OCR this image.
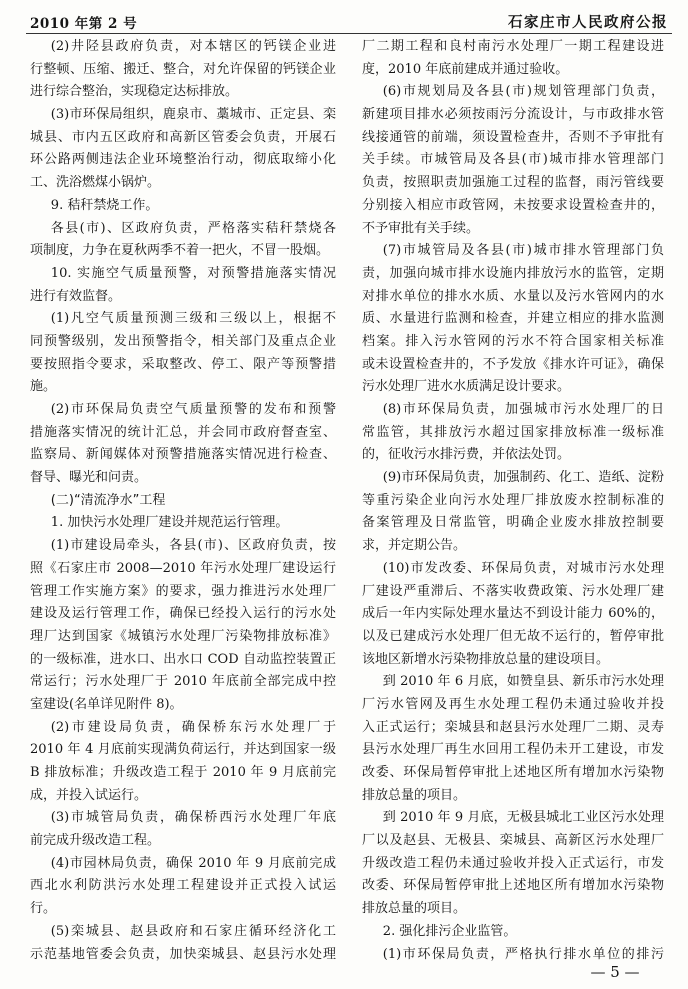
2010 年第 2 号	石家庄市人民政府公报
(2)井陉县政府负责，对本辖区的钙镁企业进
行整顿、压缩、搬迁、整合，对允许保留的钙镁企业
进行综合整治，实现稳定达标排放。
(3)市环保局组织，鹿泉市、藁城市、正定县、栾
城县、市内五区政府和高新区管委会负责，开展石
环公路两侧违法企业环境整治行动，彻底取缔小化
工、洗浴燃煤小锅炉。
9. 秸秆禁烧工作。
各县(市)、区政府负责，严格落实秸秆禁烧各
项制度，力争在夏秋两季不着一把火，不冒一股烟。
10. 实施空气质量预警，对预警措施落实情况
进行有效监督。
(1)凡空气质量预测三级和三级以上，根据不
同预警级别，发出预警指令，相关部门及重点企业
要按照指令要求，采取整改、停工、限产等预警措
施。
(2)市环保局负责空气质量预警的发布和预警
措施落实情况的统计汇总，并会同市政府督查室、
监察局、新闻媒体对预警措施落实情况进行检查、
督导、曝光和问责。
(二)“清流净水”工程
1. 加快污水处理厂建设并规范运行管理。
(1)市建设局牵头，各县(市)、区政府负责，按
照《石家庄市 2008—2010 年污水处理厂建设运行
管理工作实施方案》的要求，强力推进污水处理厂
建设及运行管理工作，确保已经投入运行的污水处
理厂达到国家《城镇污水处理厂污染物排放标准》
的一级标准，进水口、出水口 COD 自动监控装置正
常运行；污水处理厂于 2010 年底前全部完成中控
室建设(名单详见附件 8)。
(2)市建设局负责，确保桥东污水处理厂于
2010 年 4 月底前实现满负荷运行，并达到国家一级
B 排放标准；升级改造工程于 2010 年 9 月底前完
成，并投入试运行。
(3)市城管局负责，确保桥西污水处理厂年底
前完成升级改造工程。
(4)市园林局负责，确保 2010 年 9 月底前完成
西北水利防洪污水处理工程建设并正式投入试运
行。
(5)栾城县、赵县政府和石家庄循环经济化工
示范基地管委会负责，加快栾城县、赵县污水处理
厂二期工程和良村南污水处理厂一期工程建设进
度，2010 年底前建成并通过验收。
(6)市规划局及各县(市)规划管理部门负责，
新建项目排水必须按雨污分流设计，与市政排水管
线接通管的前端，须设置检查井，否则不予审批有
关手续。市城管局及各县(市)城市排水管理部门
负责，按照职责加强施工过程的监督，雨污管线要
分别接入相应市政管网，未按要求设置检查井的，
不予审批有关手续。
(7)市城管局及各县(市)城市排水管理部门负
责，加强向城市排水设施内排放污水的监管，定期
对排水单位的排水水质、水量以及污水管网内的水
质、水量进行监测和检查，并建立相应的排水监测
档案。排入污水管网的污水不符合国家相关标准
或未设置检查井的，不予发放《排水许可证》，确保
污水处理厂进水水质满足设计要求。
(8)市环保局负责，加强城市污水处理厂的日
常监管，其排放污水超过国家排放标准一级标准
的，征收污水排污费，并依法处罚。
(9)市环保局负责，加强制药、化工、造纸、淀粉
等重污染企业向污水处理厂排放废水控制标准的
备案管理及日常监管，明确企业废水排放控制要
求，并定期公告。
(10)市发改委、环保局负责，对城市污水处理
厂建设严重滞后、不落实收费政策、污水处理厂建
成后一年内实际处理水量达不到设计能力 60%的，
以及已建成污水处理厂但无故不运行的，暂停审批
该地区新增水污染物排放总量的建设项目。
到 2010 年 6 月底，如赞皇县、新乐市污水处理
厂污水管网及再生水处理工程仍未通过验收并投
入正式运行；栾城县和赵县污水处理厂二期、灵寿
县污水处理厂再生水回用工程仍未开工建设，市发
改委、环保局暂停审批上述地区所有增加水污染物
排放总量的项目。
到 2010 年 9 月底，无极县城北工业区污水处理
厂以及赵县、无极县、栾城县、高新区污水处理厂
升级改造工程仍未通过验收并投入正式运行，市发
改委、环保局暂停审批上述地区所有增加水污染物
排放总量的项目。
2. 强化排污企业监管。
(1)市环保局负责，严格执行排水单位的排污
— 5 —
